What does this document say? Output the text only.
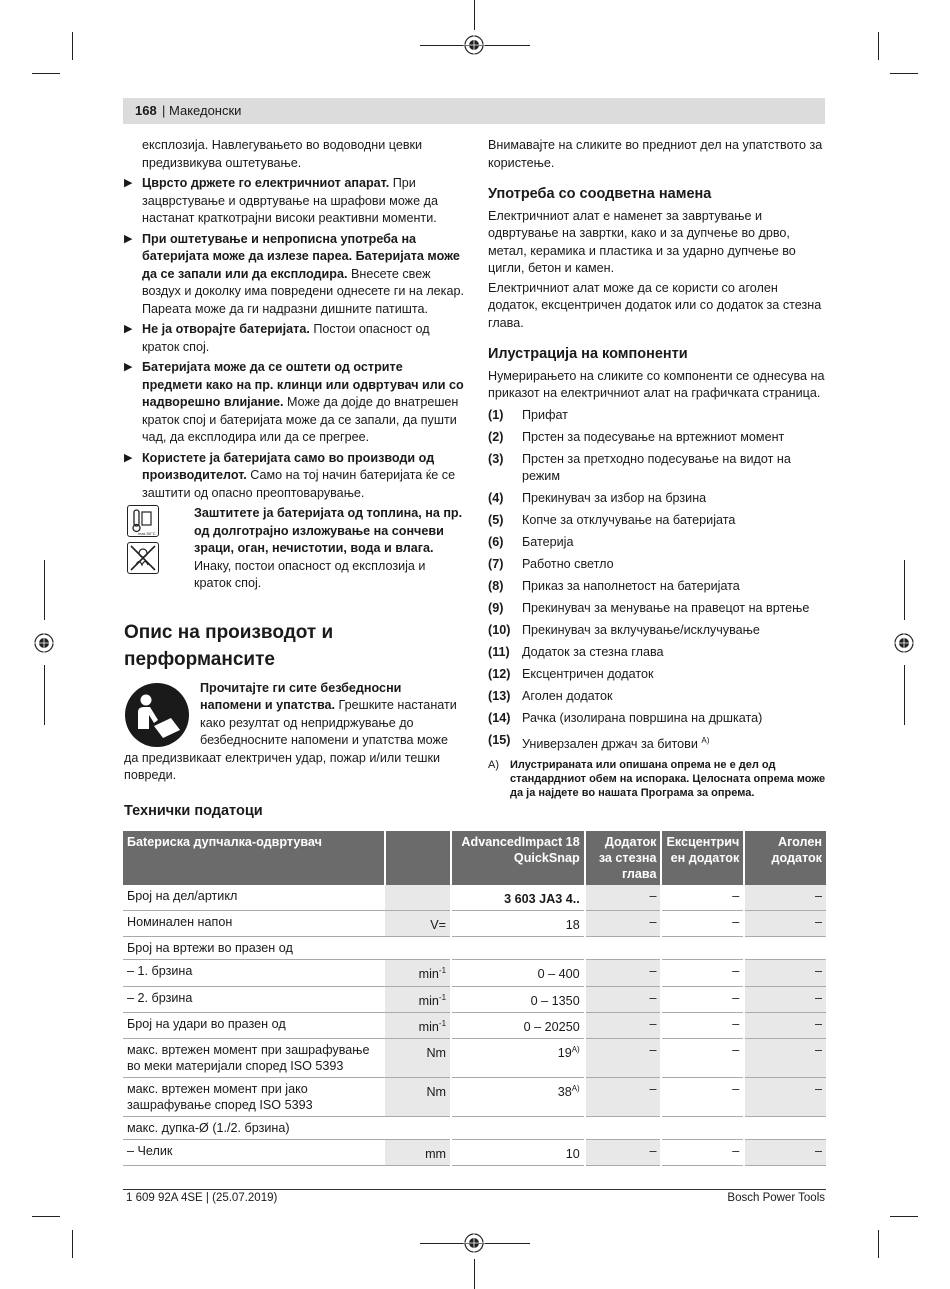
168 | Македонски

експлозија. Навлегувањето во водоводни цевки предизвикува оштетување.

▶ Цврсто држете го електричниот апарат. При зацврстување и одвртување на шрафови може да настанат краткотрајни високи реактивни моменти.
▶ При оштетување и непрописна употреба на батеријата може да излезе пареа. Батеријата може да се запали или да експлодира. Внесете свеж воздух и доколку има повредени однесете ги на лекар. Пареата може да ги надразни дишните патишта.
▶ Не ја отворајте батеријата. Постои опасност од краток спој.
▶ Батеријата може да се оштети од острите предмети како на пр. клинци или одвртувач или со надворешно влијание. Може да дојде до внатрешен краток спој и батеријата може да се запали, да пушти чад, да експлодира или да се прегрее.
▶ Користете ја батеријата само во производи од производителот. Само на тој начин батеријата ќе се заштити од опасно преоптоварување.
max.50°C
Заштитете ја батеријата од топлина, на пр. од долготрајно изложување на сончеви зраци, оган, нечистотии, вода и влага. Инаку, постои опасност од експлозија и краток спој.
Опис на производот и перформансите
Прочитајте ги сите безбедносни напомени и упатства. Грешките настанати како резултат од непридржување до безбедносните напомени и упатства може да предизвикаат електричен удар, пожар и/или тешки повреди.

Внимавајте на сликите во предниот дел на упатството за користење.

Употреба со соодветна намена

Електричниот алат е наменет за завртување и одвртување на завртки, како и за дупчење во дрво, метал, керамика и пластика и за ударно дупчење во цигли, бетон и камен.

Електричниот алат може да се користи со аголен додаток, ексцентричен додаток или со додаток за стезна глава.

Илустрација на компоненти

Нумерирањето на сликите со компоненти се однесува на приказот на електричниот алат на графичката страница.

(1)	Прифат
(2)	Прстен за подесување на вртежниот момент
(3)	Прстен за претходно подесување на видот на режим
(4)	Прекинувач за избор на брзина
(5)	Копче за отклучување на батеријата
(6)	Батерија
(7)	Работно светло
(8)	Приказ за наполнетост на батеријата
(9)	Прекинувач за менување на правецот на вртење
(10) Прекинувач за вклучување/исклучување
(11) Додаток за стезна глава
(12) Ексцентричен додаток
(13) Аголен додаток
(14) Рачка (изолирана површина на дршката)
(15) Универзален држач за битови $^{A)}$
A)	Илустрираната или опишана опрема не е дел од стандардниот обем на испорака. Целосната опрема може да ја најдете во нашата Програма за опрема.
Технички податоци
Бatериска дупчалка-одвртувач		AdvancedImpact 18 QuickSnap	Додаток за стезна глава	Ексцентрич ен додаток	Аголен додаток
Број на дел/артикл		3 603 JA3 4..	–	–	–
Номинален напон	V=	18	–	–	–
Број на вртежи во празен од					
– 1. брзина	$\min^{-1}$	0 – 400	–	–	–
– 2. брзина	$\min^{-1}$	0 – 1350	–	–	–
Број на удари во празен од	$\min^{-1}$	0 – 20250	–	–	–
макс. вртежен момент при зашрафување во меки материјали според ISO 5393	Nm	$19^{A)}$	–	–	–
макс. вртежен момент при јако зашрафување според ISO 5393	Nm	$38^{A)}$	–	–	–
макс. дупка-Ø (1./2. брзина)					
– Челик	mm	10	–	–	–
1 609 92A 4SE | (25.07.2019)	Bosch Power Tools
